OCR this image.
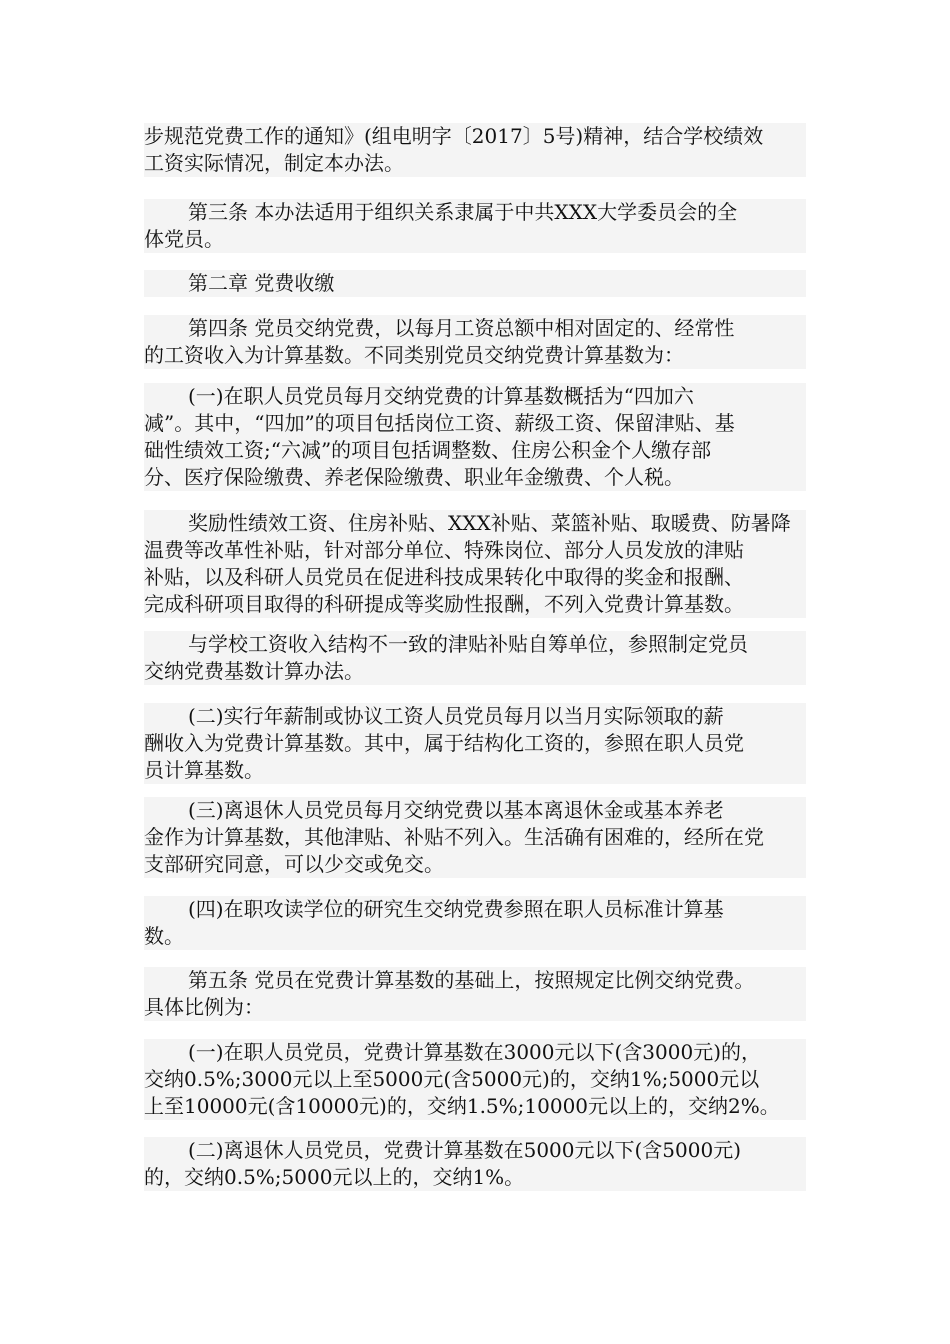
步规范党费工作的通知》(组电明字〔2017〕5号)精神，结合学校绩效
工资实际情况，制定本办法。
第三条 本办法适用于组织关系隶属于中共XXX大学委员会的全
体党员。
第二章 党费收缴
第四条 党员交纳党费，以每月工资总额中相对固定的、经常性
的工资收入为计算基数。不同类别党员交纳党费计算基数为：
(一)在职人员党员每月交纳党费的计算基数概括为“四加六
减”。其中，“四加”的项目包括岗位工资、薪级工资、保留津贴、基
础性绩效工资;“六减”的项目包括调整数、住房公积金个人缴存部
分、医疗保险缴费、养老保险缴费、职业年金缴费、个人税。
奖励性绩效工资、住房补贴、XXX补贴、菜篮补贴、取暖费、防暑降
温费等改革性补贴，针对部分单位、特殊岗位、部分人员发放的津贴
补贴，以及科研人员党员在促进科技成果转化中取得的奖金和报酬、
完成科研项目取得的科研提成等奖励性报酬，不列入党费计算基数。
与学校工资收入结构不一致的津贴补贴自筹单位，参照制定党员
交纳党费基数计算办法。
(二)实行年薪制或协议工资人员党员每月以当月实际领取的薪
酬收入为党费计算基数。其中，属于结构化工资的，参照在职人员党
员计算基数。
(三)离退休人员党员每月交纳党费以基本离退休金或基本养老
金作为计算基数，其他津贴、补贴不列入。生活确有困难的，经所在党
支部研究同意，可以少交或免交。
(四)在职攻读学位的研究生交纳党费参照在职人员标准计算基
数。
第五条 党员在党费计算基数的基础上，按照规定比例交纳党费。
具体比例为：
(一)在职人员党员，党费计算基数在3000元以下(含3000元)的，
交纳0.5%;3000元以上至5000元(含5000元)的，交纳1%;5000元以
上至10000元(含10000元)的，交纳1.5%;10000元以上的，交纳2%。
(二)离退休人员党员，党费计算基数在5000元以下(含5000元)
的，交纳0.5%;5000元以上的，交纳1%。
